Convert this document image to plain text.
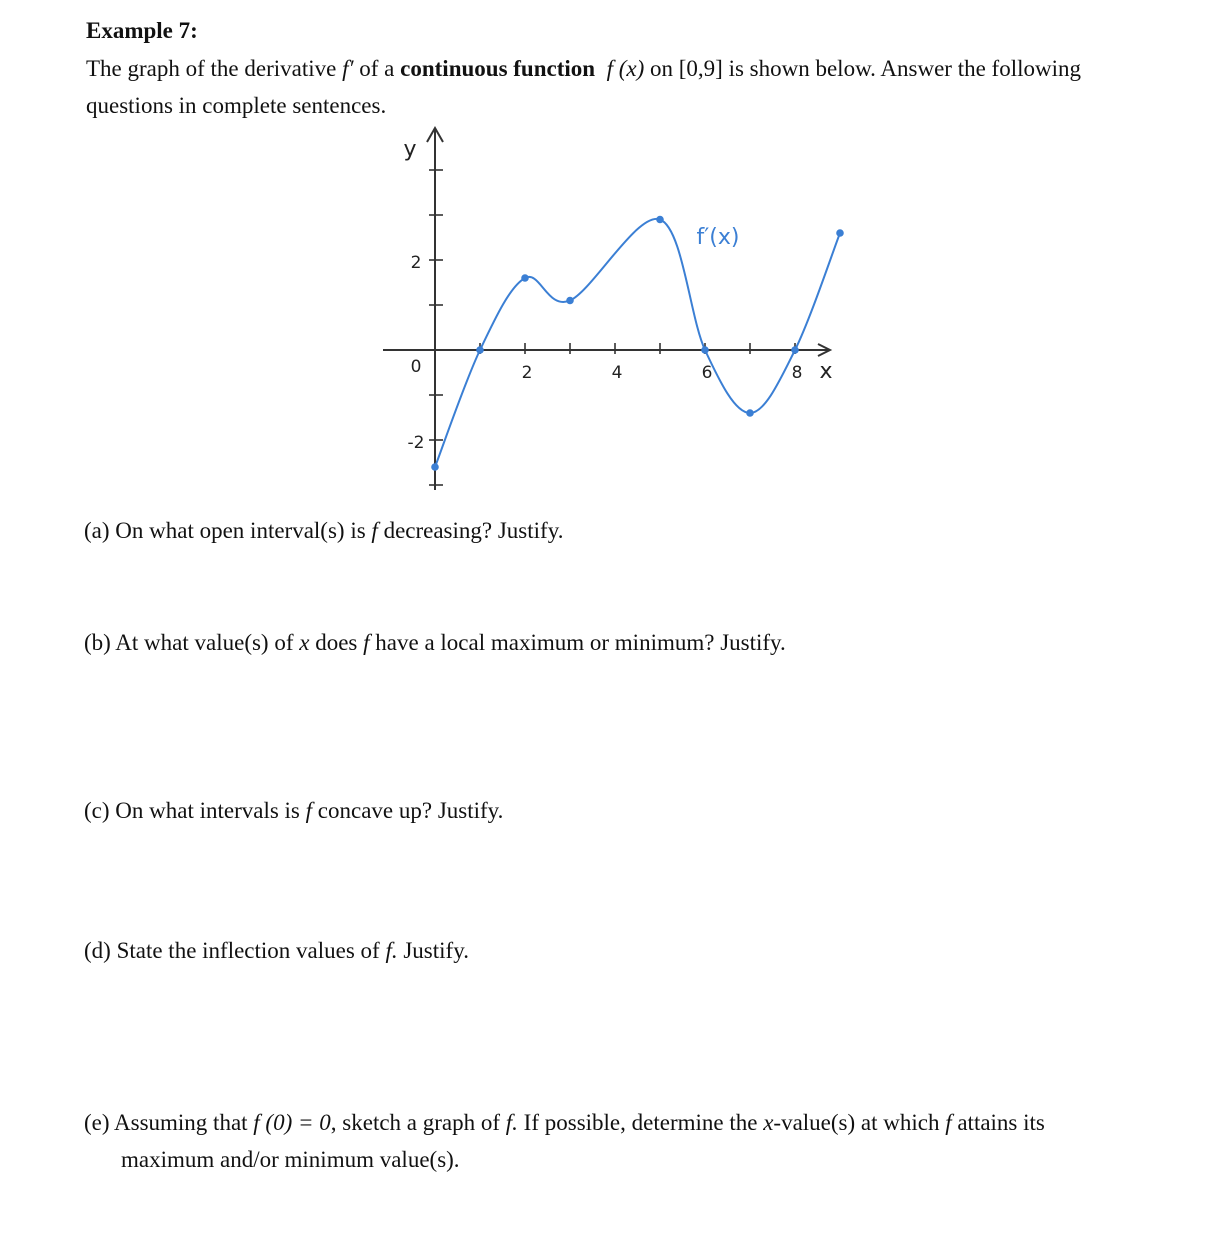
Example 7:
The graph of the derivative f′ of a continuous function f (x) on [0,9] is shown below. Answer the following questions in complete sentences.
y
x
f′(x)
2
0
-2
2	4	6	8
(a) On what open interval(s) is f decreasing? Justify.
(b) At what value(s) of x does f have a local maximum or minimum? Justify.
(c) On what intervals is f concave up? Justify.
(d) State the inflection values of f. Justify.
(e) Assuming that f (0) = 0, sketch a graph of f. If possible, determine the x-value(s) at which f attains its
maximum and/or minimum value(s).
